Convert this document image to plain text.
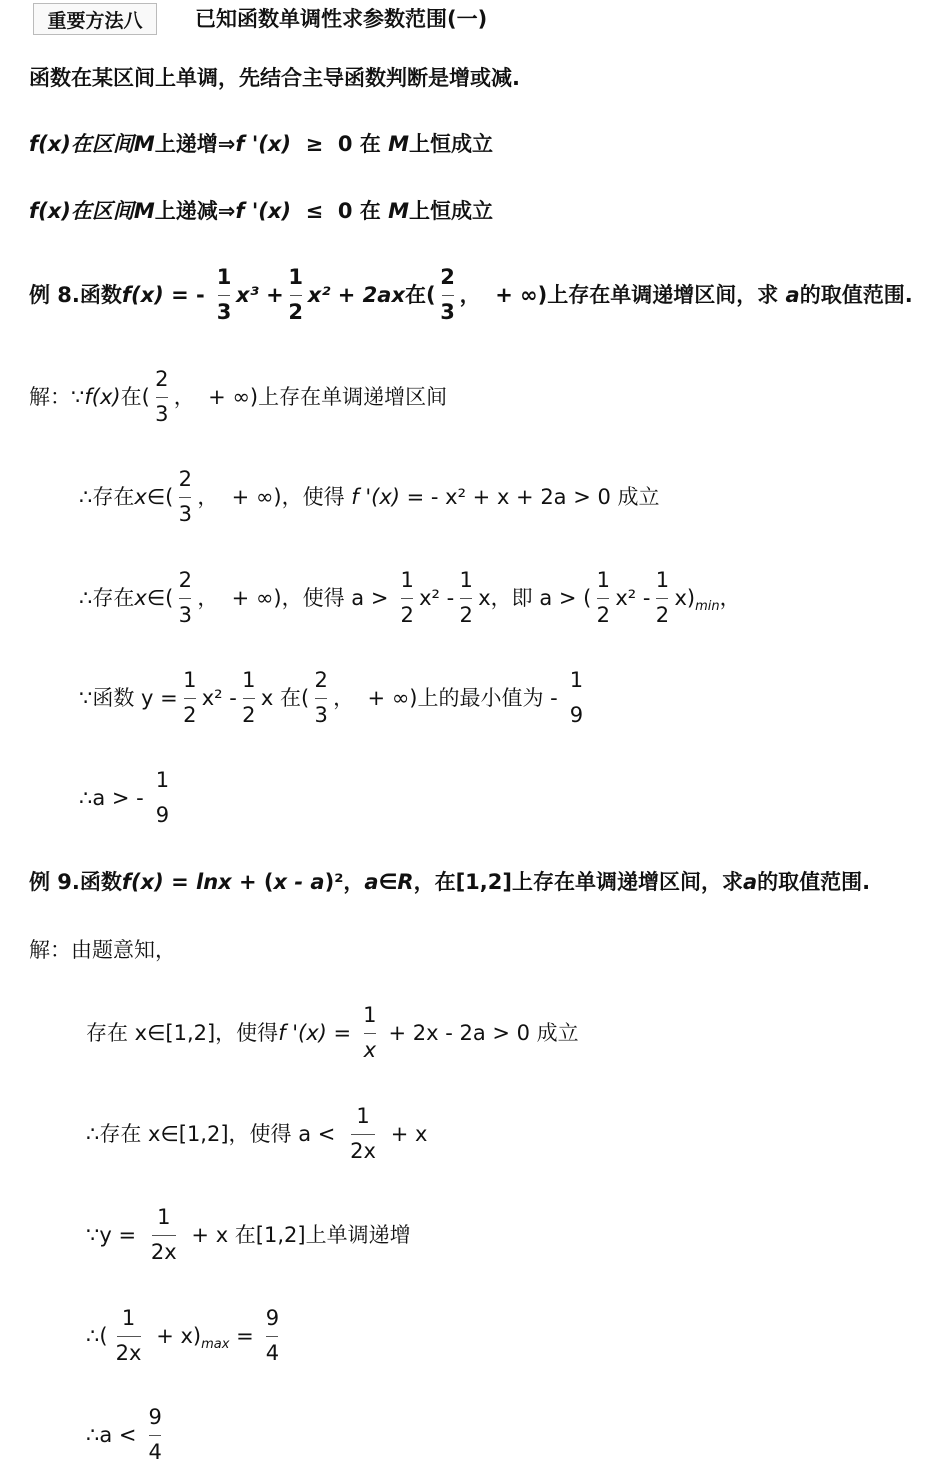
重要方法八	已知函数单调性求参数范围(一)
函数在某区间上单调，先结合主导函数判断是增或减.
f(x)在区间 M 上递增⇒ f '(x) ≥  0 在 M 上恒成立
f(x)在区间 M 上递减⇒ f '(x) ≤  0 在 M 上恒成立
例 8.函数 f(x) = - $\frac{1}{3} x^3 + \frac{1}{2} x^2 + 2$ ax 在( $\frac{2}{3}$ ，  + ∞)上存在单调递增区间，求 a 的取值范围.
解：∵ f(x) 在( $\frac{2}{3}$ ，  + ∞)上存在单调递增区间
∴存在 x ∈( $\frac{2}{3}$ ，  + ∞)，使得 f '(x) = - x² + x + 2a > 0 成立
∴存在 x ∈( $\frac{2}{3}$ ，  + ∞)，使得 $a > \frac{1}{2} x^2 - \frac{1}{2}$ x，即 a > ( $\frac{1}{2} x^2 - \frac{1}{2} x)_{min}$ ，
∵函数 $y = \frac{1}{2} x^2 - \frac{1}{2}$ x 在( $\frac{2}{3}$ ，  + ∞)上的最小值为 -
1
9
∴a > -
1
9
例 9.函数 f(x) = lnx + ( x - a )²， a∈R ，在[1,2]上存在单调递增区间，求 a 的取值范围.
解：由题意知，
存在 x∈[1,2]，使得 f '$(x) = \frac{1}{x} + 2x - 2a > 0$ 成立
∴存在 x∈[1,2]，使得 $a < \frac{1}{2x} + x$
∵y = $\frac{1}{2x} + x$ 在[1,2]上单调递增
∴( $\frac{1}{2x} + x)_{max} = \frac{9}{4}$
∴a < $\frac{9}{4}$
